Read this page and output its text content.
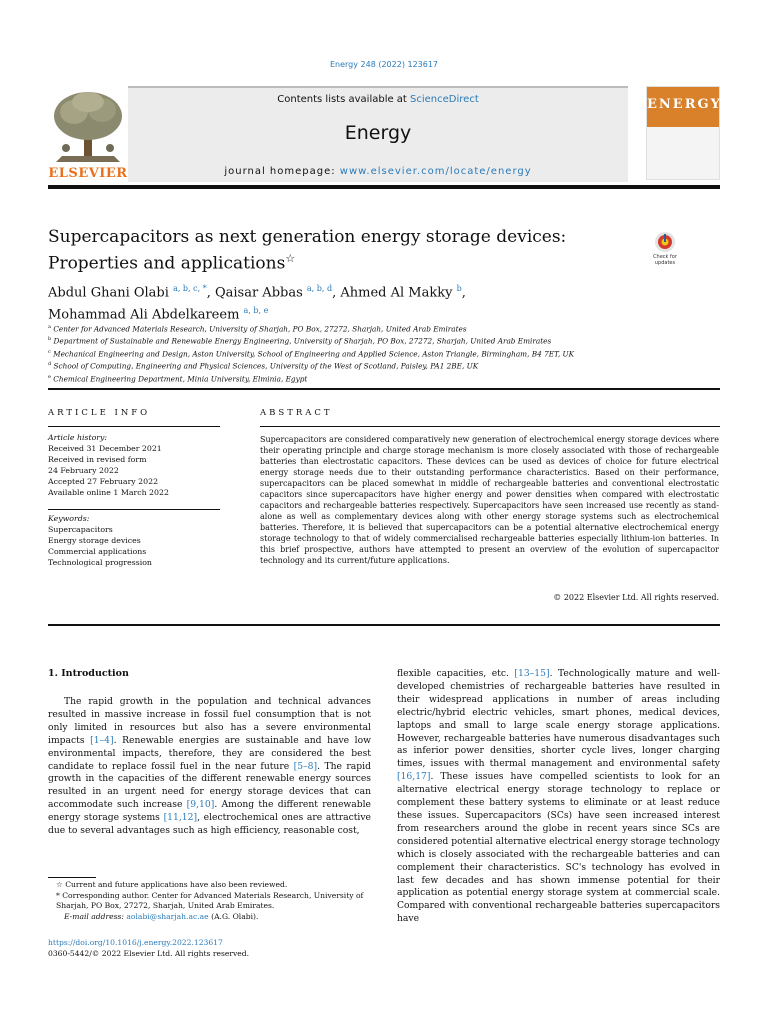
Energy 248 (2022) 123617
ELSEVIER
Contents lists available at ScienceDirect
Energy
journal homepage: www.elsevier.com/locate/energy
ENERGY
Supercapacitors as next generation energy storage devices: Properties and applications☆	Check for updates
Abdul Ghani Olabi $^{a, b, c, *}$, Qaisar Abbas $^{a, b, d}$, Ahmed Al Makky $^b$,
Mohammad Ali Abdelkareem $^{a, b, e}$
$^a$ Center for Advanced Materials Research, University of Sharjah, PO Box, 27272, Sharjah, United Arab Emirates
$^b$ Department of Sustainable and Renewable Energy Engineering, University of Sharjah, PO Box, 27272, Sharjah, United Arab Emirates
$^c$ Mechanical Engineering and Design, Aston University, School of Engineering and Applied Science, Aston Triangle, Birmingham, B4 7ET, UK
$^d$ School of Computing, Engineering and Physical Sciences, University of the West of Scotland, Paisley, PA1 2BE, UK
$^e$ Chemical Engineering Department, Minia University, Elminia, Egypt
ARTICLE INFO
Article history:
Received 31 December 2021
Received in revised form
24 February 2022
Accepted 27 February 2022
Available online 1 March 2022
Keywords:
Supercapacitors
Energy storage devices
Commercial applications
Technological progression
ABSTRACT
Supercapacitors are considered comparatively new generation of electrochemical energy storage devices where their operating principle and charge storage mechanism is more closely associated with those of rechargeable batteries than electrostatic capacitors. These devices can be used as devices of choice for future electrical energy storage needs due to their outstanding performance characteristics. Based on their performance, supercapacitors can be placed somewhat in middle of rechargeable batteries and conventional electrostatic capacitors since supercapacitors have higher energy and power densities when compared with electrostatic capacitors and rechargeable batteries respectively. Supercapacitors have seen increased use recently as stand-alone as well as complementary devices along with other energy storage systems such as electrochemical batteries. Therefore, it is believed that supercapacitors can be a potential alternative electrochemical energy storage technology to that of widely commercialised rechargeable batteries especially lithium-ion batteries. In this brief prospective, authors have attempted to present an overview of the evolution of supercapacitor technology and its current/future applications.
© 2022 Elsevier Ltd. All rights reserved.
1. Introduction

The rapid growth in the population and technical advances resulted in massive increase in fossil fuel consumption that is not only limited in resources but also has a severe environmental impacts [1–4]. Renewable energies are sustainable and have low environmental impacts, therefore, they are considered the best candidate to replace fossil fuel in the near future [5–8]. The rapid growth in the capacities of the different renewable energy sources resulted in an urgent need for energy storage devices that can accommodate such increase [9,10]. Among the different renewable energy storage systems [11,12], electrochemical ones are attractive due to several advantages such as high efficiency, reasonable cost,

flexible capacities, etc. [13–15]. Technologically mature and well-developed chemistries of rechargeable batteries have resulted in their widespread applications in number of areas including electric/hybrid electric vehicles, smart phones, medical devices, laptops and small to large scale energy storage applications. However, rechargeable batteries have numerous disadvantages such as inferior power densities, shorter cycle lives, longer charging times, issues with thermal management and environmental safety [16,17]. These issues have compelled scientists to look for an alternative electrical energy storage technology to replace or complement these battery systems to eliminate or at least reduce these issues. Supercapacitors (SCs) have seen increased interest from researchers around the globe in recent years since SCs are considered potential alternative electrical energy storage technology which is closely associated with the rechargeable batteries and can complement their characteristics. SC's technology has evolved in last few decades and has shown immense potential for their application as potential energy storage system at commercial scale. Compared with conventional rechargeable batteries supercapacitors have
☆ Current and future applications have also been reviewed.
* Corresponding author. Center for Advanced Materials Research, University of Sharjah, PO Box, 27272, Sharjah, United Arab Emirates.
E-mail address: aolabi@sharjah.ac.ae (A.G. Olabi).
https://doi.org/10.1016/j.energy.2022.123617
0360-5442/© 2022 Elsevier Ltd. All rights reserved.
